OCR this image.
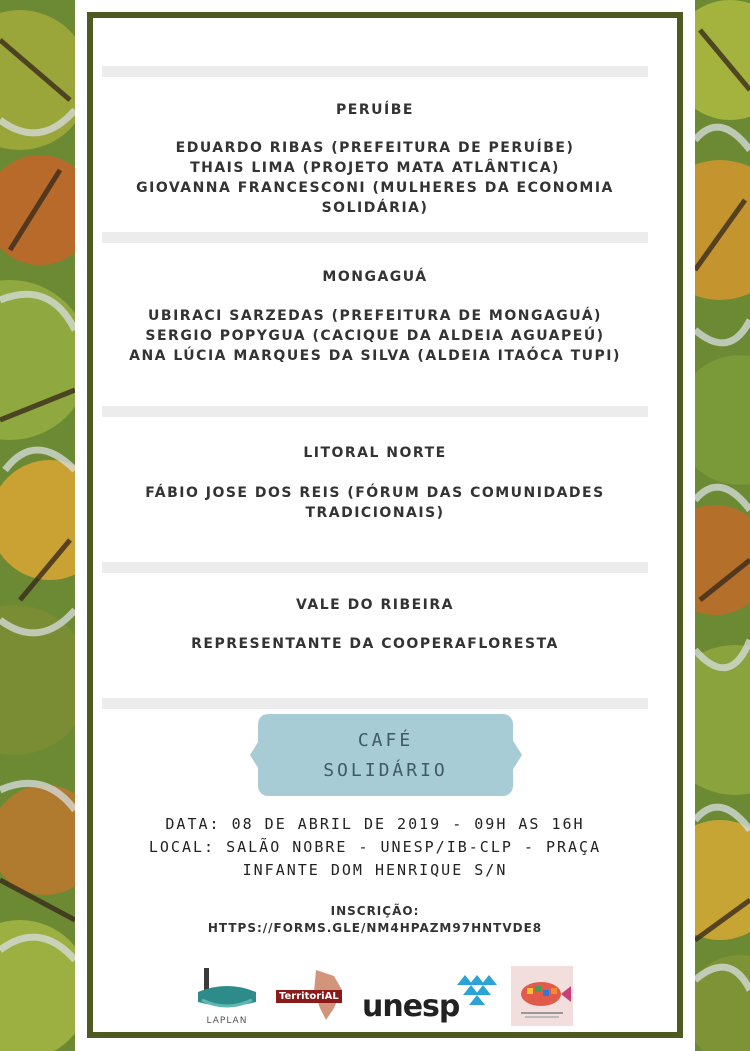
PERUÍBE
EDUARDO RIBAS (PREFEITURA DE PERUÍBE)
THAIS LIMA (PROJETO MATA ATLÂNTICA)
GIOVANNA FRANCESCONI (MULHERES DA ECONOMIA
SOLIDÁRIA)
MONGAGUÁ
UBIRACI SARZEDAS (PREFEITURA DE MONGAGUÁ)
SERGIO POPYGUA (CACIQUE DA ALDEIA AGUAPEÚ)
ANA LÚCIA MARQUES DA SILVA (ALDEIA ITAÓCA TUPI)
LITORAL NORTE
FÁBIO JOSE DOS REIS (FÓRUM DAS COMUNIDADES
TRADICIONAIS)
VALE DO RIBEIRA
REPRESENTANTE DA COOPERAFLORESTA
CAFÉ
SOLIDÁRIO
DATA: 08 DE ABRIL DE 2019 - 09H AS 16H
LOCAL: SALÃO NOBRE - UNESP/IB-CLP - PRAÇA
INFANTE DOM HENRIQUE S/N
INSCRIÇÃO:
HTTPS://FORMS.GLE/NM4HPAZM97HNTVDE8
LAPLAN
TerritoriAL unesp
